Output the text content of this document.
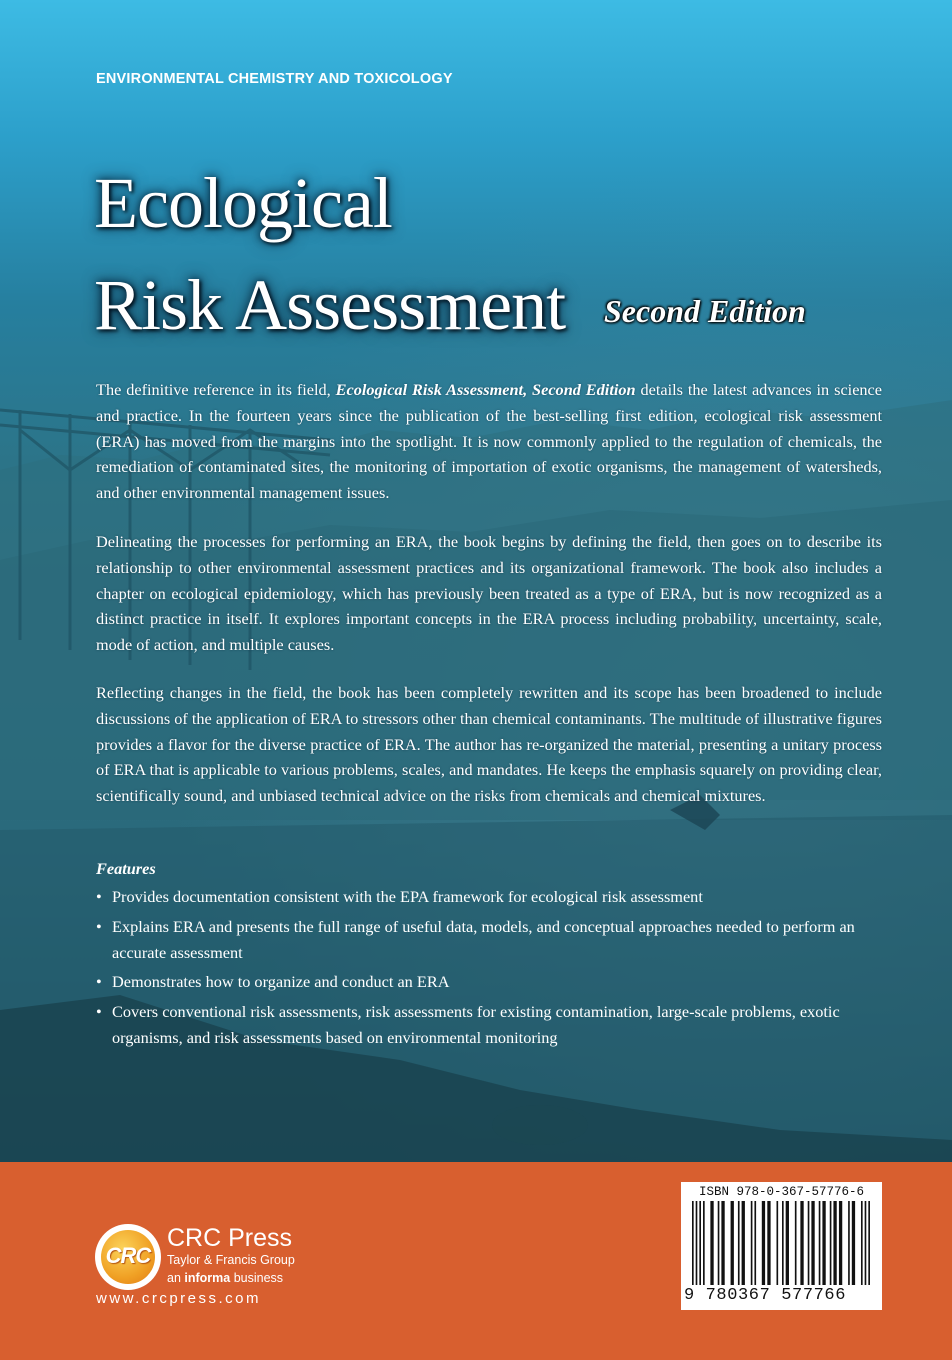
ENVIRONMENTAL CHEMISTRY AND TOXICOLOGY
Ecological
Risk Assessment Second Edition

The definitive reference in its field, Ecological Risk Assessment, Second Edition details the latest advances in science and practice. In the fourteen years since the publication of the best-selling first edition, ecological risk assessment (ERA) has moved from the margins into the spotlight. It is now commonly applied to the regulation of chemicals, the remediation of contaminated sites, the monitoring of importation of exotic organisms, the management of watersheds, and other environmental management issues.

Delineating the processes for performing an ERA, the book begins by defining the field, then goes on to describe its relationship to other environmental assessment practices and its organizational framework. The book also includes a chapter on ecological epidemiology, which has previously been treated as a type of ERA, but is now recognized as a distinct practice in itself. It explores important concepts in the ERA process including probability, uncertainty, scale, mode of action, and multiple causes.

Reflecting changes in the field, the book has been completely rewritten and its scope has been broadened to include discussions of the application of ERA to stressors other than chemical contaminants. The multitude of illustrative figures provides a flavor for the diverse practice of ERA. The author has re-organized the material, presenting a unitary process of ERA that is applicable to various problems, scales, and mandates. He keeps the emphasis squarely on providing clear, scientifically sound, and unbiased technical advice on the risks from chemicals and chemical mixtures.

Features
• Provides documentation consistent with the EPA framework for ecological risk assessment
• Explains ERA and presents the full range of useful data, models, and conceptual approaches needed to perform an accurate assessment
• Demonstrates how to organize and conduct an ERA
• Covers conventional risk assessments, risk assessments for existing contamination, large-scale problems, exotic organisms, and risk assessments based on environmental monitoring
CRC
CRC Press
Taylor & Francis Group
an informa business
www.crcpress.com
ISBN 978-0-367-57776-6
9 780367 577766
